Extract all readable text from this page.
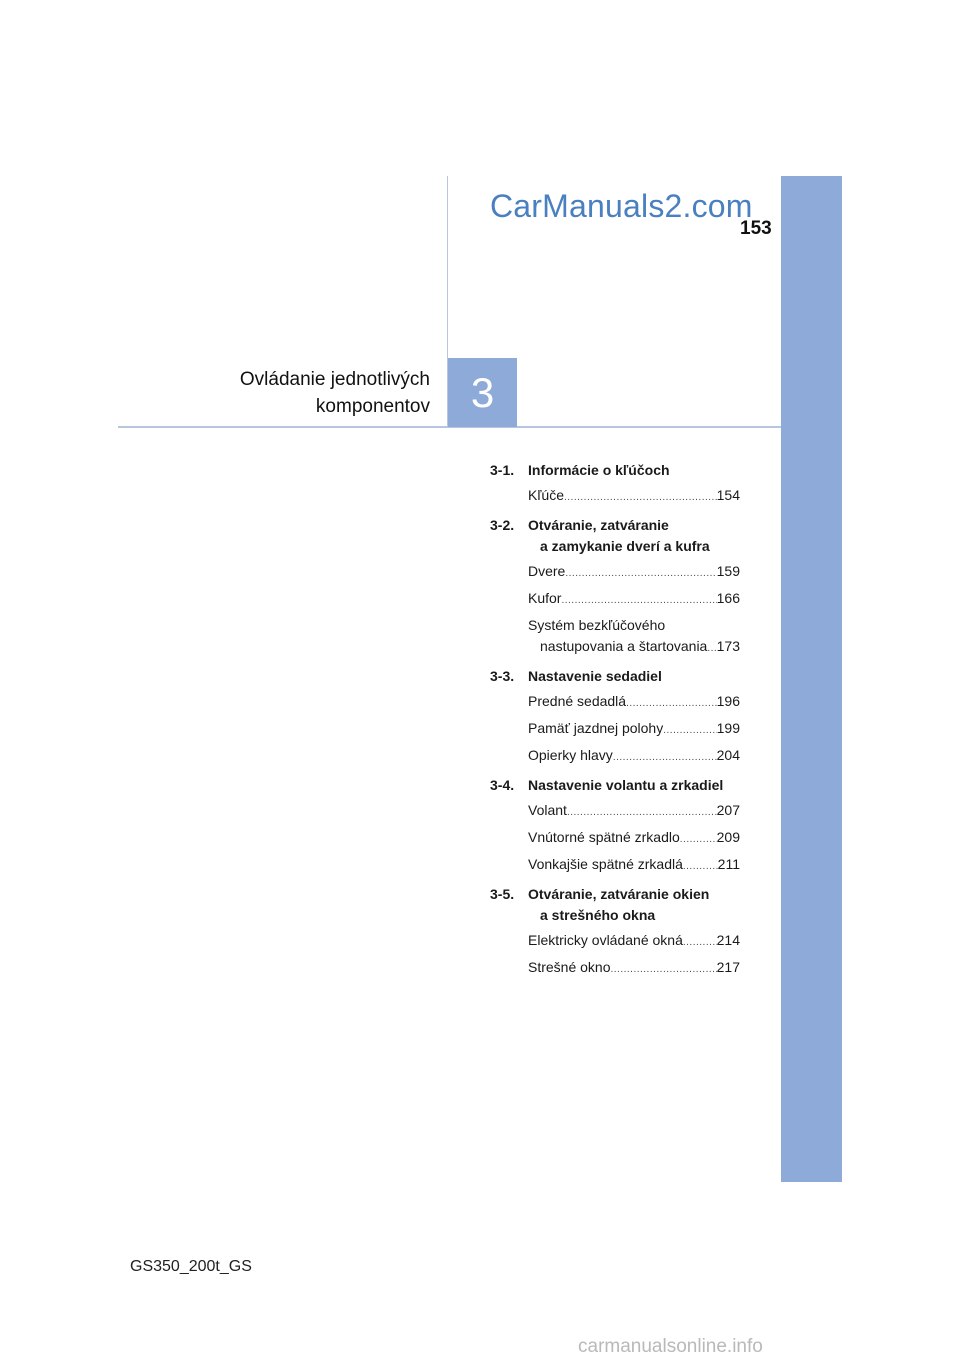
CarManuals2.com
153
Ovládanie jednotlivých
komponentov 3
3-1. Informácie o kľúčoch
Kľúče .....	154
3-2. Otváranie, zatváranie
a zamykanie dverí a kufra
Dvere .....	159
Kufor .....	166
Systém bezkľúčového
nastupovania a štartovania ..... 173
3-3. Nastavenie sedadiel
Predné sedadlá .....	196
Pamäť jazdnej polohy .....	199
Opierky hlavy .....	204
3-4. Nastavenie volantu a zrkadiel
Volant .....	207
Vnútorné spätné zrkadlo .....	209
Vonkajšie spätné zrkadlá ..... 211
3-5. Otváranie, zatváranie okien
a strešného okna
Elektricky ovládané okná ..... 214
Strešné okno .....	217
GS350_200t_GS
carmanualsonline.info
